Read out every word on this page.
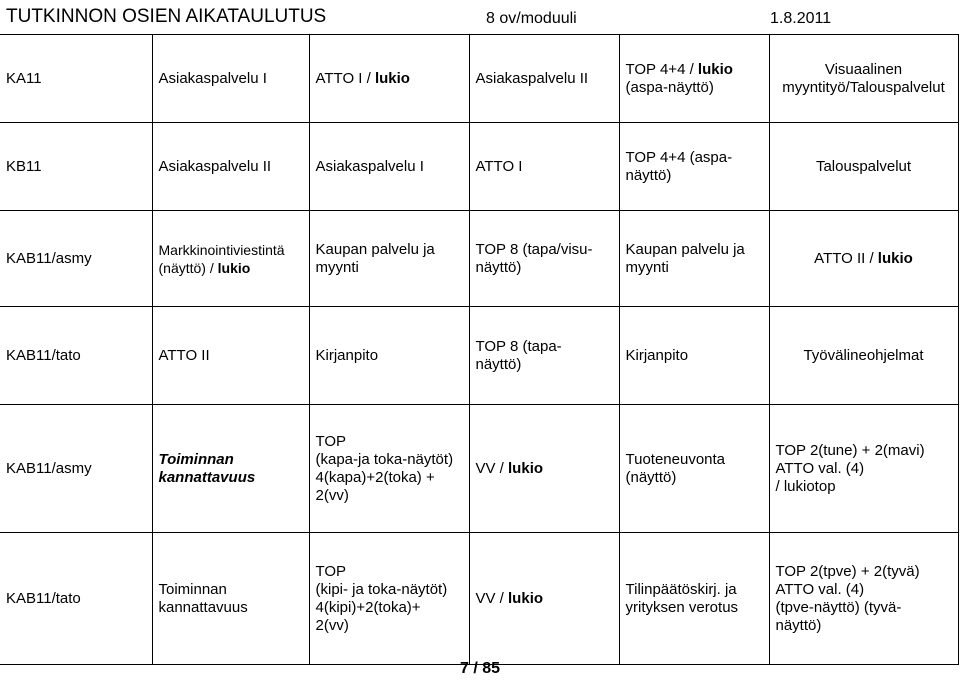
TUTKINNON OSIEN AIKATAULUTUS	8 ov/moduuli	1.8.2011
KA11	Asiakaspalvelu I	ATTO I / lukio	Asiakaspalvelu II	TOP 4+4 / lukio
(aspa-näyttö)	Visuaalinen
myyntityö/Talouspalvelut

KB11	Asiakaspalvelu II	Asiakaspalvelu I	ATTO I	TOP 4+4 (aspa-
näyttö)	Talouspalvelut

KAB11/asmy	Markkinointiviestintä
(näyttö) / lukio	Kaupan palvelu ja
myynti	TOP 8 (tapa/visu-
näyttö)	Kaupan palvelu ja
myynti	ATTO II / lukio

KAB11/tato	ATTO II	Kirjanpito	TOP 8 (tapa-
näyttö)	Kirjanpito	Työvälineohjelmat

KAB11/asmy	Toiminnan
kannattavuus	TOP
(kapa-ja toka-näytöt)
4(kapa)+2(toka) +
2(vv)	VV / lukio	Tuoteneuvonta
(näyttö)	TOP 2(tune) + 2(mavi)
ATTO val. (4)
/ lukiotop

KAB11/tato	Toiminnan
kannattavuus	TOP
(kipi- ja toka-näytöt)
4(kipi)+2(toka)+
2(vv)	VV / lukio	Tilinpäätöskirj. ja
yrityksen verotus	TOP 2(tpve) + 2(tyvä)
ATTO val. (4)
(tpve-näyttö) (tyvä-
näyttö)
7 / 85
